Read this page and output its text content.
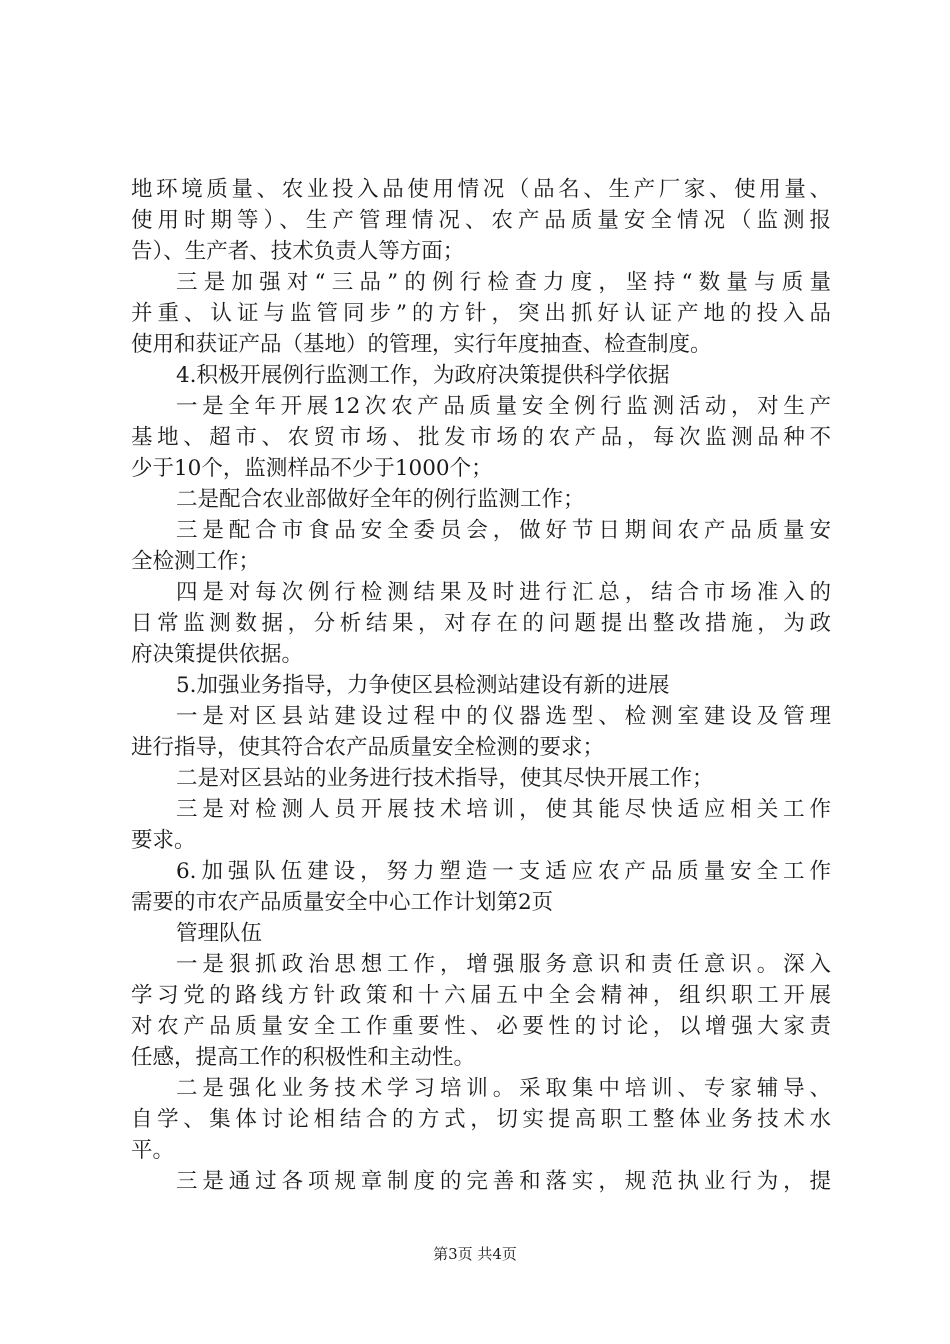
地环境质量、农业投入品使用情况（品名、生产厂家、使用量、
使用时期等）、生产管理情况、农产品质量安全情况（监测报
告）、生产者、技术负责人等方面；
三是加强对“三品”的例行检查力度，坚持“数量与质量
并重、认证与监管同步”的方针，突出抓好认证产地的投入品
使用和获证产品（基地）的管理，实行年度抽查、检查制度。
4.积极开展例行监测工作，为政府决策提供科学依据
一是全年开展12次农产品质量安全例行监测活动，对生产
基地、超市、农贸市场、批发市场的农产品，每次监测品种不
少于10个，监测样品不少于1000个；
二是配合农业部做好全年的例行监测工作；
三是配合市食品安全委员会，做好节日期间农产品质量安
全检测工作；
四是对每次例行检测结果及时进行汇总，结合市场准入的
日常监测数据，分析结果，对存在的问题提出整改措施，为政
府决策提供依据。
5.加强业务指导，力争使区县检测站建设有新的进展
一是对区县站建设过程中的仪器选型、检测室建设及管理
进行指导，使其符合农产品质量安全检测的要求；
二是对区县站的业务进行技术指导，使其尽快开展工作；
三是对检测人员开展技术培训，使其能尽快适应相关工作
要求。
6.加强队伍建设，努力塑造一支适应农产品质量安全工作
需要的市农产品质量安全中心工作计划第2页
管理队伍
一是狠抓政治思想工作，增强服务意识和责任意识。深入
学习党的路线方针政策和十六届五中全会精神，组织职工开展
对农产品质量安全工作重要性、必要性的讨论，以增强大家责
任感，提高工作的积极性和主动性。
二是强化业务技术学习培训。采取集中培训、专家辅导、
自学、集体讨论相结合的方式，切实提高职工整体业务技术水
平。
三是通过各项规章制度的完善和落实，规范执业行为，提
第3页 共4页
